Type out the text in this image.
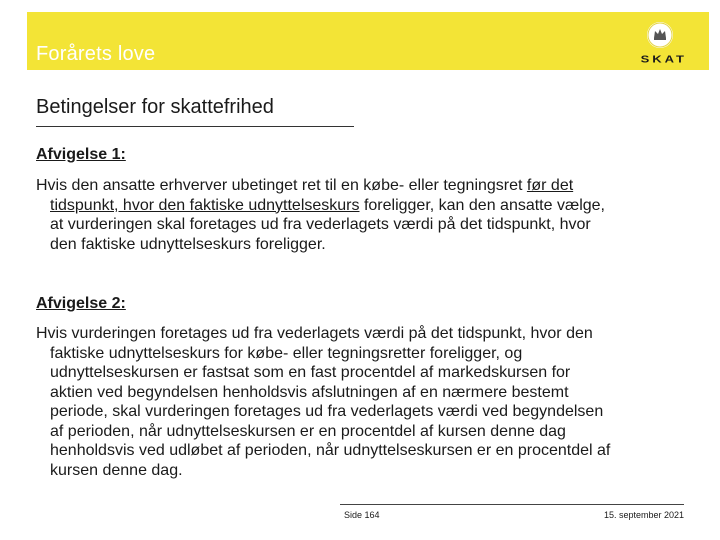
Forårets love	SKAT
Betingelser for skattefrihed
Afvigelse 1:
Hvis den ansatte erhverver ubetinget ret til en købe- eller tegningsret før det
tidspunkt, hvor den faktiske udnyttelseskurs foreligger, kan den ansatte vælge,
at vurderingen skal foretages ud fra vederlagets værdi på det tidspunkt, hvor
den faktiske udnyttelseskurs foreligger.
Afvigelse 2:
Hvis vurderingen foretages ud fra vederlagets værdi på det tidspunkt, hvor den
faktiske udnyttelseskurs for købe- eller tegningsretter foreligger, og
udnyttelseskursen er fastsat som en fast procentdel af markedskursen for
aktien ved begyndelsen henholdsvis afslutningen af en nærmere bestemt
periode, skal vurderingen foretages ud fra vederlagets værdi ved begyndelsen
af perioden, når udnyttelseskursen er en procentdel af kursen denne dag
henholdsvis ved udløbet af perioden, når udnyttelseskursen er en procentdel af
kursen denne dag.
Side 164	15. september 2021
